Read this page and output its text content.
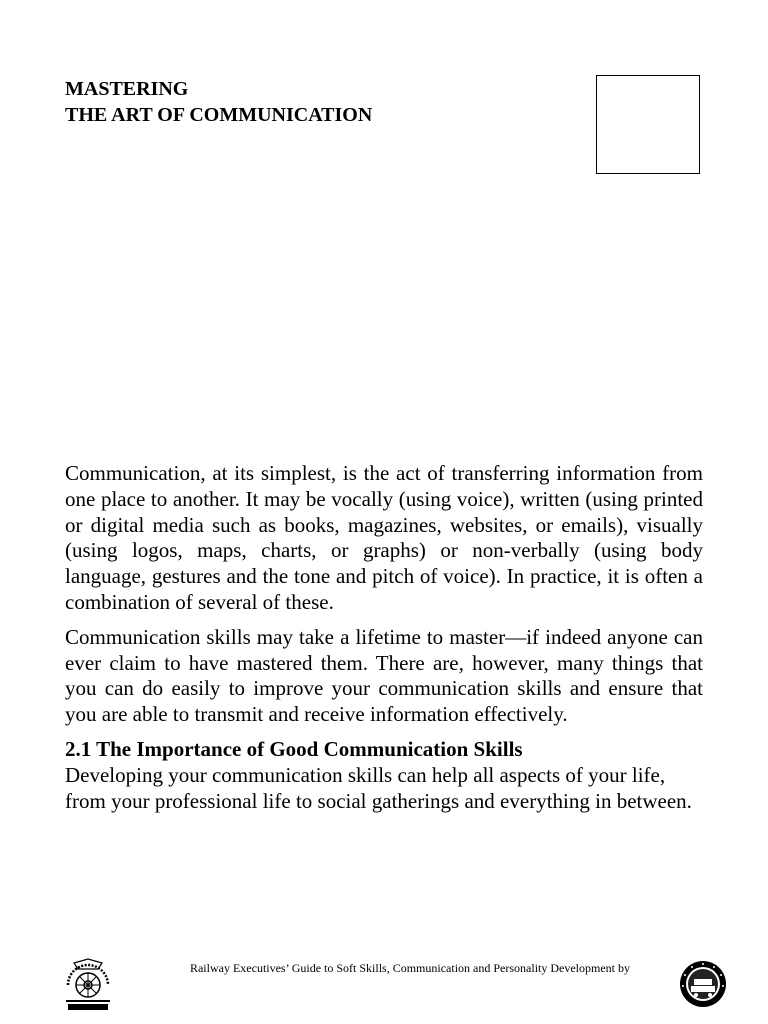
MASTERING
THE ART OF COMMUNICATION

Communication, at its simplest, is the act of transferring information from one place to another. It may be vocally (using voice), written (using printed or digital media such as books, magazines, websites, or emails), visually (using logos, maps, charts, or graphs) or non-verbally (using body language, gestures and the tone and pitch of voice). In practice, it is often a combination of several of these.

Communication skills may take a lifetime to master—if indeed anyone can ever claim to have mastered them. There are, however, many things that you can do easily to improve your communication skills and ensure that you are able to transmit and receive information effectively.

2.1 The Importance of Good Communication Skills

Developing your communication skills can help all aspects of your life, from your professional life to social gatherings and everything in between.

Railway Executives’ Guide to Soft Skills, Communication and Personality Development by
